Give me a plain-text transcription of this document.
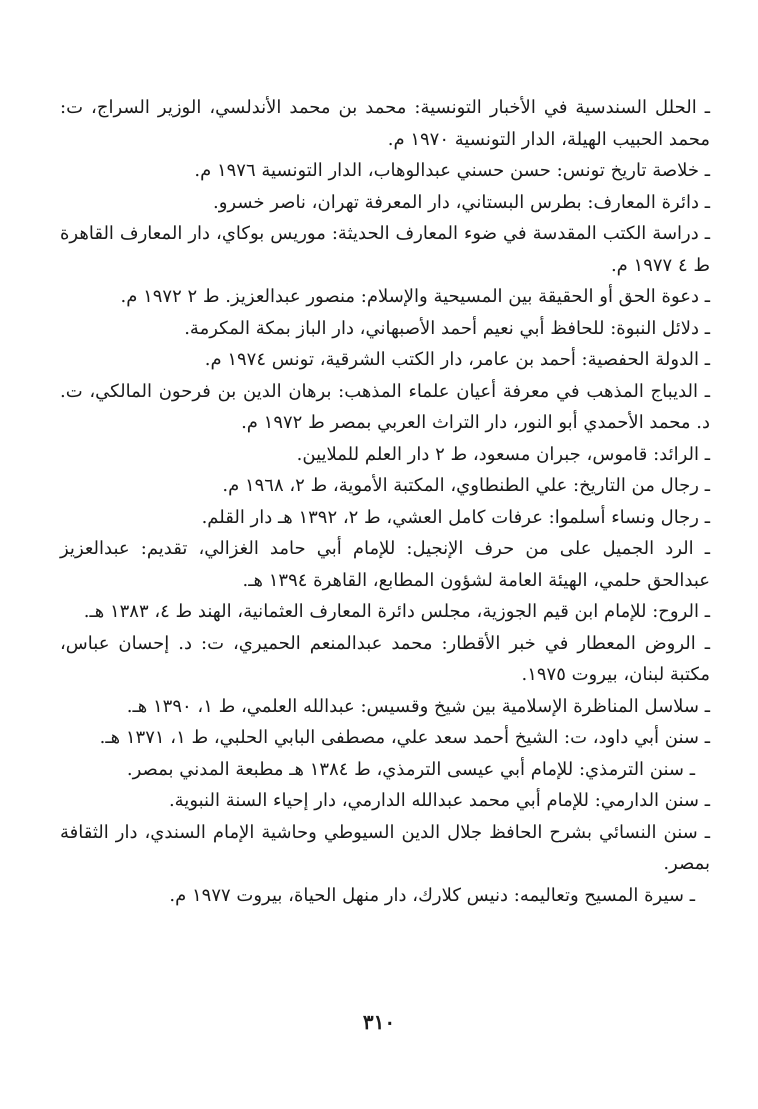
ـ الحلل السندسية في الأخبار التونسية: محمد بن محمد الأندلسي، الوزير السراج، ت: محمد الحبيب الهيلة، الدار التونسية ١٩٧٠ م.
ـ خلاصة تاريخ تونس: حسن حسني عبدالوهاب، الدار التونسية ١٩٧٦ م.
ـ دائرة المعارف: بطرس البستاني، دار المعرفة تهران، ناصر خسرو.
ـ دراسة الكتب المقدسة في ضوء المعارف الحديثة: موريس بوكاي، دار المعارف القاهرة ط ٤ ١٩٧٧ م.
ـ دعوة الحق أو الحقيقة بين المسيحية والإسلام: منصور عبدالعزيز. ط ٢ ١٩٧٢ م.
ـ دلائل النبوة: للحافظ أبي نعيم أحمد الأصبهاني، دار الباز بمكة المكرمة.
ـ الدولة الحفصية: أحمد بن عامر، دار الكتب الشرقية، تونس ١٩٧٤ م.
ـ الديباج المذهب في معرفة أعيان علماء المذهب: برهان الدين بن فرحون المالكي، ت. د. محمد الأحمدي أبو النور، دار التراث العربي بمصر ط ١٩٧٢ م.
ـ الرائد: قاموس، جبران مسعود، ط ٢ دار العلم للملايين.
ـ رجال من التاريخ: علي الطنطاوي، المكتبة الأموية، ط ٢، ١٩٦٨ م.
ـ رجال ونساء أسلموا: عرفات كامل العشي، ط ٢، ١٣٩٢ هـ دار القلم.
ـ الرد الجميل على من حرف الإنجيل: للإمام أبي حامد الغزالي، تقديم: عبدالعزيز عبدالحق حلمي، الهيئة العامة لشؤون المطابع، القاهرة ١٣٩٤ هـ.
ـ الروح: للإمام ابن قيم الجوزية، مجلس دائرة المعارف العثمانية، الهند ط ٤، ١٣٨٣ هـ.
ـ الروض المعطار في خبر الأقطار: محمد عبدالمنعم الحميري، ت: د. إحسان عباس، مكتبة لبنان، بيروت ١٩٧٥.
ـ سلاسل المناظرة الإسلامية بين شيخ وقسيس: عبدالله العلمي، ط ١، ١٣٩٠ هـ.
ـ سنن أبي داود، ت: الشيخ أحمد سعد علي، مصطفى البابي الحلبي، ط ١، ١٣٧١ هـ.
ـ سنن الترمذي: للإمام أبي عيسى الترمذي، ط ١٣٨٤ هـ مطبعة المدني بمصر.
ـ سنن الدارمي: للإمام أبي محمد عبدالله الدارمي، دار إحياء السنة النبوية.
ـ سنن النسائي بشرح الحافظ جلال الدين السيوطي وحاشية الإمام السندي، دار الثقافة بمصر.
ـ سيرة المسيح وتعاليمه: دنيس كلارك، دار منهل الحياة، بيروت ١٩٧٧ م.
٣١٠
